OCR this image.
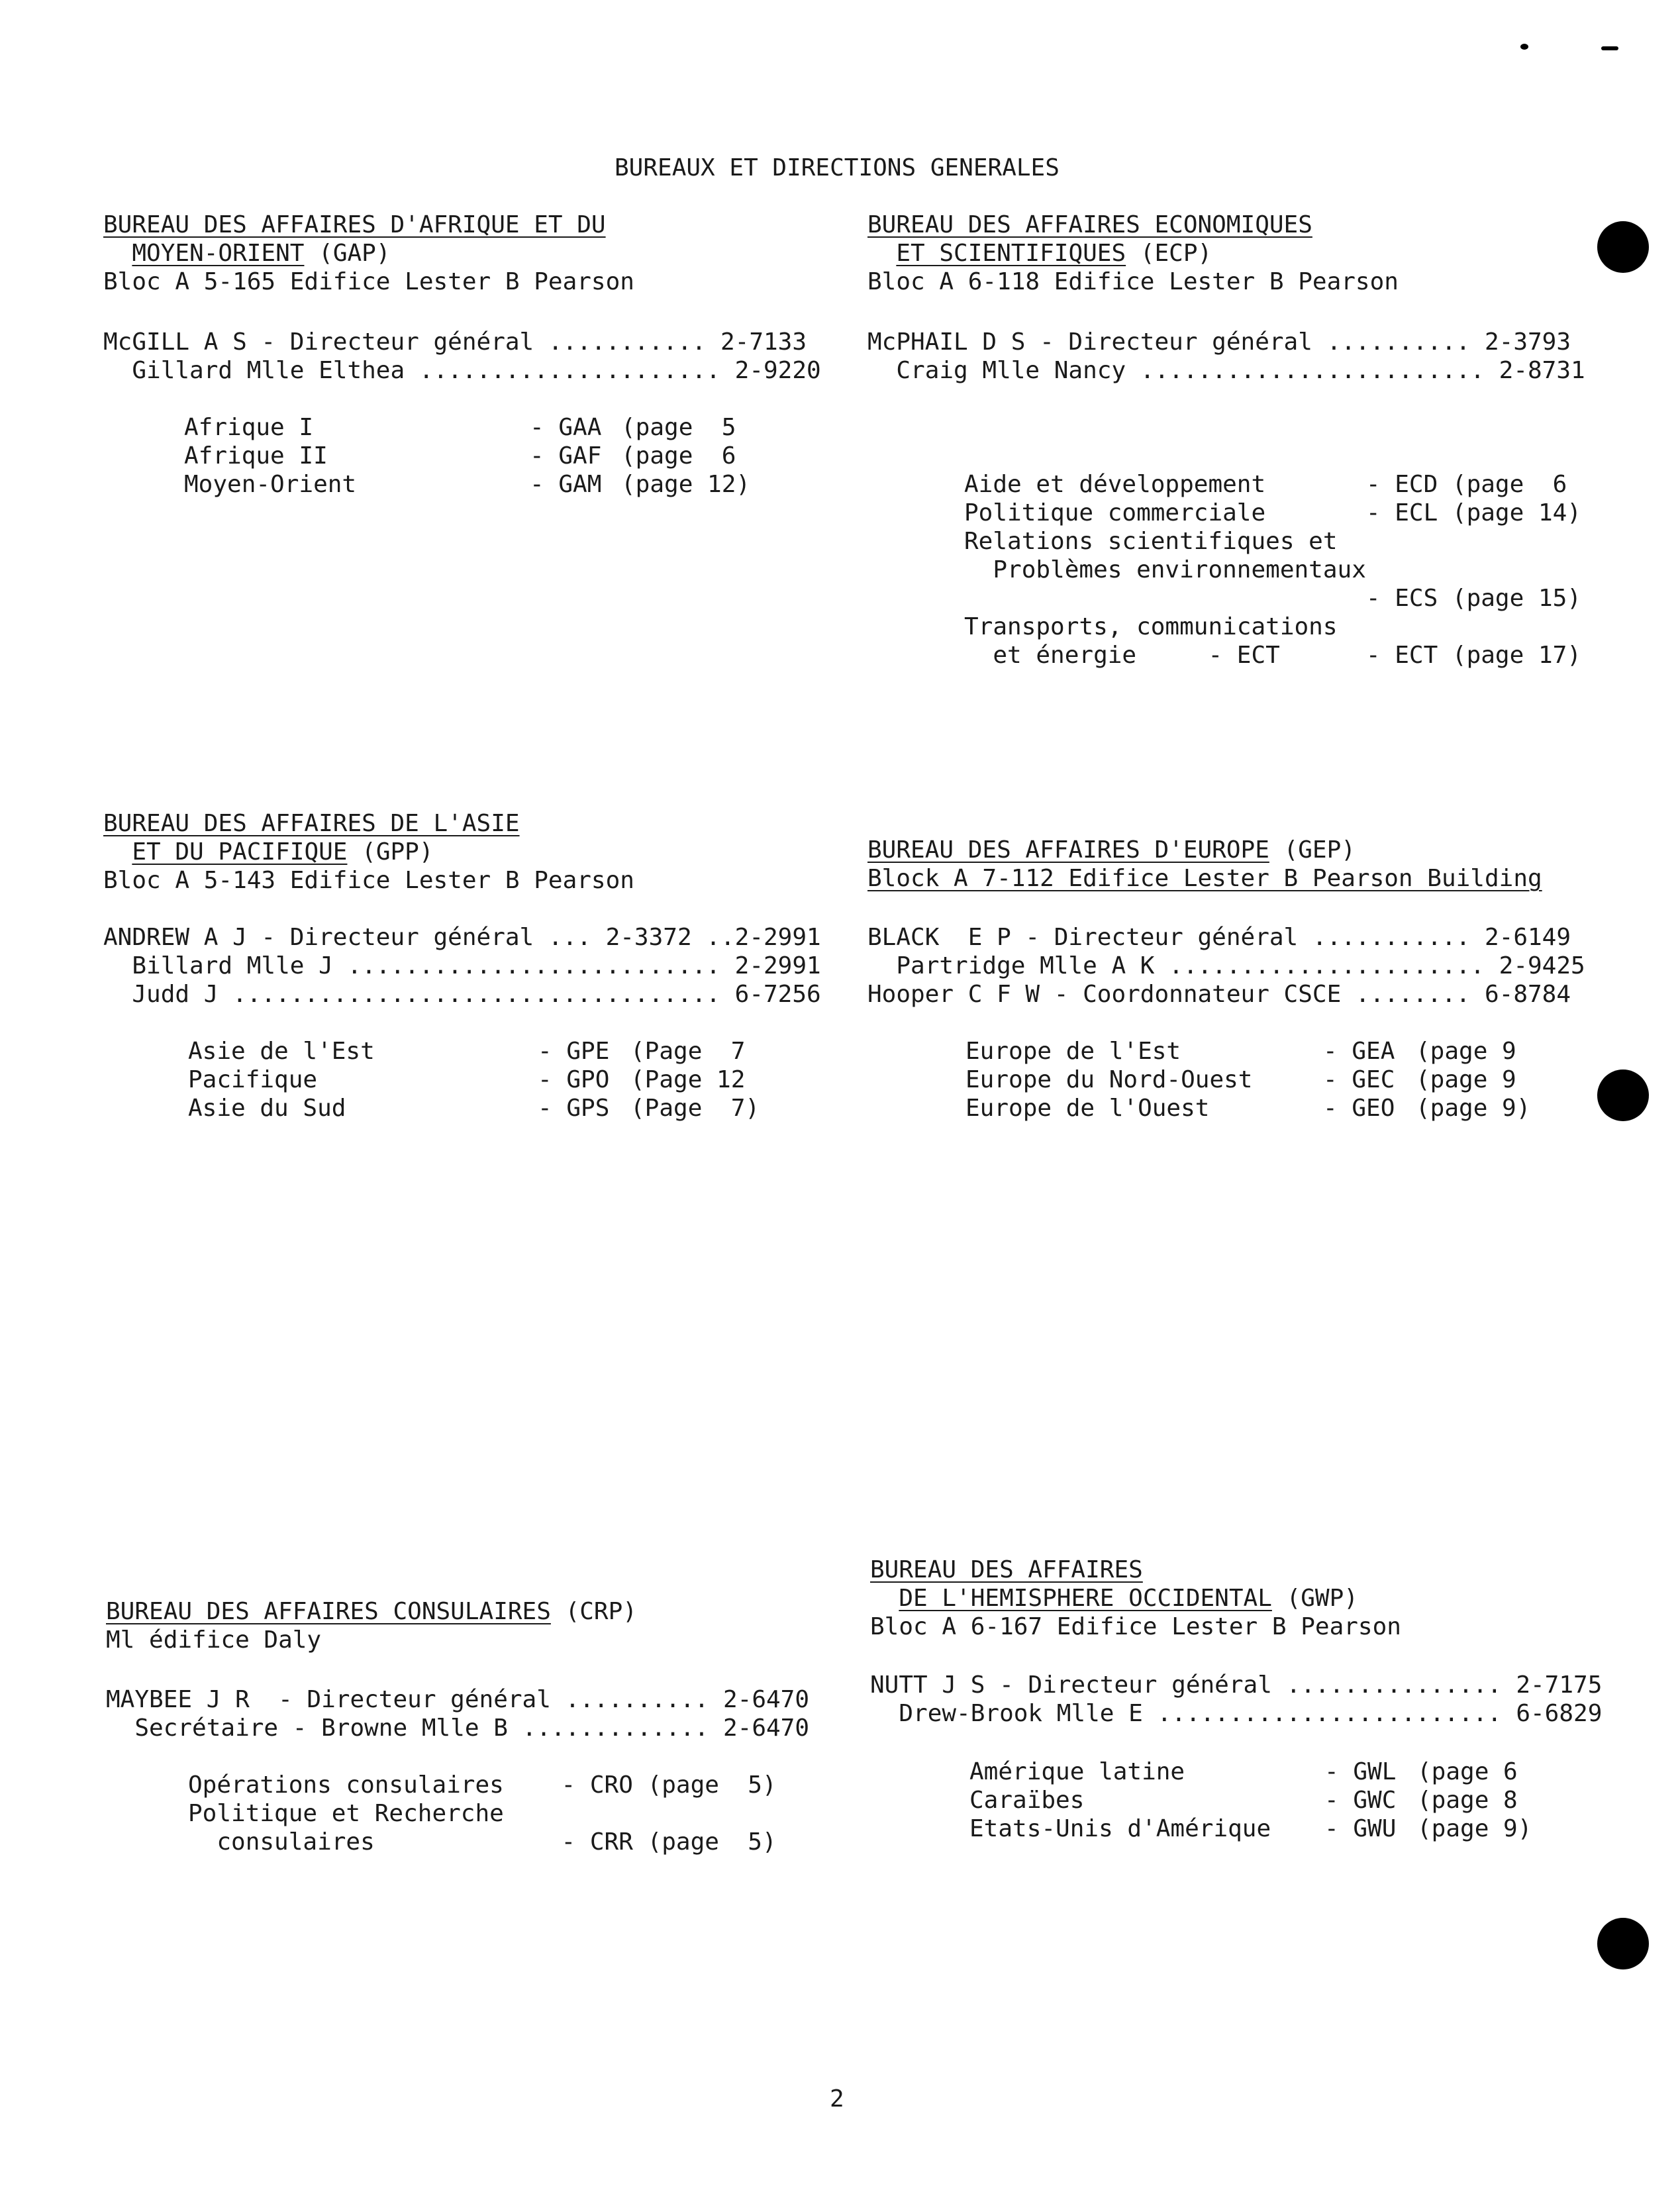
BUREAUX ET DIRECTIONS GENERALES
BUREAU DES AFFAIRES D'AFRIQUE ET DU
MOYEN-ORIENT (GAP)
Bloc A 5-165 Edifice Lester B Pearson
McGILL A S - Directeur général ........... 2-7133
Gillard Mlle Elthea ..................... 2-9220
Afrique I	- GAA (page  5
Afrique II	- GAF (page  6
Moyen-Orient	- GAM (page 12)
BUREAU DES AFFAIRES ECONOMIQUES
ET SCIENTIFIQUES (ECP)
Bloc A 6-118 Edifice Lester B Pearson
McPHAIL D S - Directeur général .......... 2-3793
Craig Mlle Nancy ........................ 2-8731
Aide et développement       - ECD (page  6
Politique commerciale       - ECL (page 14)
Relations scientifiques et
Problèmes environnementaux
- ECS (page 15)
Transports, communications
et énergie     - ECT      - ECT (page 17)
BUREAU DES AFFAIRES DE L'ASIE
ET DU PACIFIQUE (GPP)
Bloc A 5-143 Edifice Lester B Pearson
ANDREW A J - Directeur général ... 2-3372 ..2-2991
Billard Mlle J .......................... 2-2991
Judd J .................................. 6-7256
Asie de l'Est	- GPE (Page  7
Pacifique	- GPO (Page 12
Asie du Sud	- GPS (Page  7)
BUREAU DES AFFAIRES D'EUROPE (GEP)
Block A 7-112 Edifice Lester B Pearson Building
BLACK  E P - Directeur général ........... 2-6149
Partridge Mlle A K ...................... 2-9425
Hooper C F W - Coordonnateur CSCE ........ 6-8784
Europe de l'Est	- GEA (page 9
Europe du Nord-Ouest	- GEC (page 9
Europe de l'Ouest	- GEO (page 9)
BUREAU DES AFFAIRES CONSULAIRES (CRP)
Ml édifice Daly
MAYBEE J R  - Directeur général .......... 2-6470
Secrétaire - Browne Mlle B ............. 2-6470
Opérations consulaires    - CRO (page  5)
Politique et Recherche
consulaires             - CRR (page  5)
BUREAU DES AFFAIRES
DE L'HEMISPHERE OCCIDENTAL (GWP)
Bloc A 6-167 Edifice Lester B Pearson
NUTT J S - Directeur général ............... 2-7175
Drew-Brook Mlle E ........................ 6-6829
Amérique latine	- GWL (page 6
Caraïbes	- GWC (page 8
Etats-Unis d'Amérique - GWU (page 9)
2
